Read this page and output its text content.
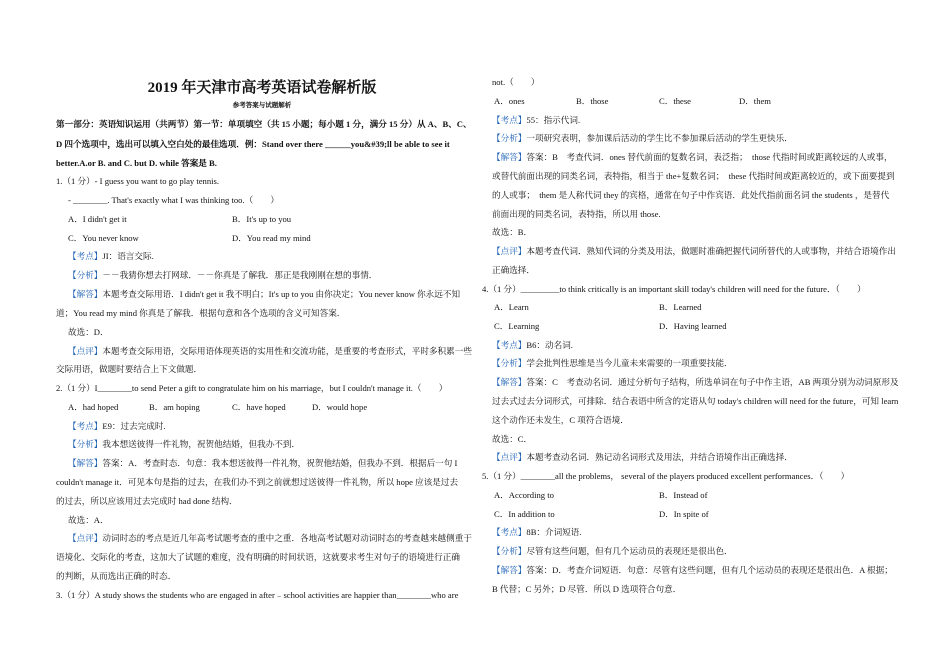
2019 年天津市高考英语试卷解析版
参考答案与试题解析
第一部分：英语知识运用（共两节）第一节：单项填空（共 15 小题；每小题 1 分，满分 15 分）从 A、B、C、
D 四个选项中，选出可以填入空白处的最佳选项．例：Stand over there ______you&#39;ll be able to see it
better.A.or B. and C. but D. while 答案是 B.
1.（1 分）- I guess you want to go play tennis.
- ________. That's exactly what I was thinking too.（　　）
A．I didn't get it	B．It's up to you
C．You never know	D．You read my mind
【考点】JI：语言交际.
【分析】－－我猜你想去打网球．－－你真是了解我．那正是我刚刚在想的事情．
【解答】本题考查交际用语．I didn't get it 我不明白；It's up to you 由你决定；You never know 你永远不知
道；You read my mind 你真是了解我．根据句意和各个选项的含义可知答案．
故选：D．
【点评】本题考查交际用语，交际用语体现英语的实用性和交流功能，是重要的考查形式，平时多积累一些
交际用语，做题时要结合上下文做题．
2.（1 分）I________to send Peter a gift to congratulate him on his marriage，but I couldn't manage it.（　　）
A．had hoped	B．am hoping	C．have hoped	D．would hope
【考点】E9：过去完成时.
【分析】我本想送彼得一件礼物，祝贺他结婚，但我办不到．
【解答】答案：A．考查时态．句意：我本想送彼得一件礼物，祝贺他结婚，但我办不到．根据后一句 I
couldn't manage it．可见本句是指的过去，在我们办不到之前就想过送彼得一件礼物，所以 hope 应该是过去
的过去，所以应该用过去完成时 had done 结构．
故选：A．
【点评】动词时态的考点是近几年高考试题考查的重中之重．各地高考试题对动词时态的考查越来越侧重于
语境化、交际化的考查，这加大了试题的难度，没有明确的时间状语，这就要求考生对句子的语境进行正确
的判断，从而选出正确的时态．
3.（1 分）A study shows the students who are engaged in after﹣school activities are happier than________who are
not.（　　）
A．ones	B．those	C．these	D．them
【考点】55：指示代词.
【分析】一项研究表明，参加课后活动的学生比不参加课后活动的学生更快乐．
【解答】答案：B　考查代词．ones 替代前面的复数名词，表泛指；　those 代指时间或距离较远的人或事，
或替代前面出现的同类名词，表特指，相当于 the+复数名词；　these 代指时间或距离较近的，或下面要提到
的人或事；　them 是人称代词 they 的宾格，通常在句子中作宾语．此处代指前面名词 the students ，是替代
前面出现的同类名词，表特指，所以用 those.
故选：B．
【点评】本题考查代词．熟知代词的分类及用法，做题时准确把握代词所替代的人或事物，并结合语境作出
正确选择．
4.（1 分）_________to think critically is an important skill today's children will need for the future．（　　）
A．Learn	B．Learned
C．Learning	D．Having learned
【考点】B6：动名词.
【分析】学会批判性思维是当今儿童未来需要的一项重要技能．
【解答】答案：C　考查动名词．通过分析句子结构，所选单词在句子中作主语，AB 两项分别为动词原形及
过去式过去分词形式，可排除．结合表语中所含的定语从句 today's children will need for the future，可知 learn
这个动作还未发生，C 项符合语境．
故选：C．
【点评】本题考查动名词．熟记动名词形式及用法，并结合语境作出正确选择．
5.（1 分）________all the problems， several of the players produced excellent performances．（　　）
A．According to	B．Instead of
C．In addition to	D．In spite of
【考点】8B：介词短语.
【分析】尽管有这些问题，但有几个运动员的表现还是很出色．
【解答】答案：D．考查介词短语．句意：尽管有这些问题，但有几个运动员的表现还是很出色．A 根据；
B 代替；C 另外；D 尽管．所以 D 选项符合句意．
